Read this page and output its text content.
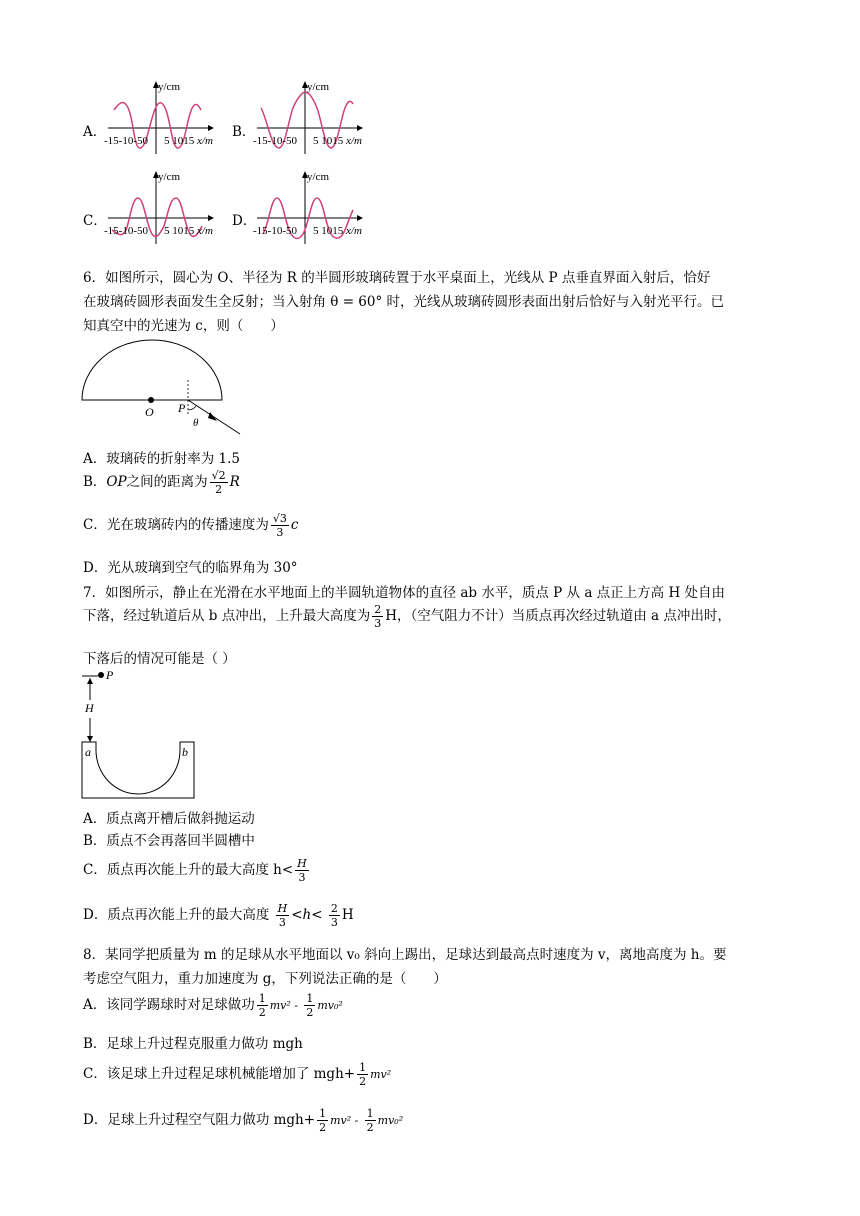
A．	B．
C．	D．
y/cm
-15-10-50 5 1015 x/m
y/cm
-15-10-50 5 1015 x/m
y/cm
-15-10-50 5 1015 x/m
y/cm
-15-10-50 5 1015 x/m
6．如图所示，圆心为 O、半径为 R 的半圆形玻璃砖置于水平桌面上，光线从 P 点垂直界面入射后，恰好
在玻璃砖圆形表面发生全反射；当入射角 θ = 60° 时，光线从玻璃砖圆形表面出射后恰好与入射光平行。已
知真空中的光速为 c，则（　　）
O P
θ
A．玻璃砖的折射率为 1.5
B．OP之间的距离为 $\frac{√2}{2}$ R
C．光在玻璃砖内的传播速度为 $\frac{√3}{3}$ c
D．光从玻璃到空气的临界角为 30°
7．如图所示，静止在光滑在水平地面上的半圆轨道物体的直径 ab 水平，质点 P 从 a 点正上方高 H 处自由
下落，经过轨道后从 b 点冲出，上升最大高度为 $\frac{2}{3}$ H，（空气阻力不计）当质点再次经过轨道由 a 点冲出时，
下落后的情况可能是（ ）
P
H
a	b
A．质点离开槽后做斜抛运动
B．质点不会再落回半圆槽中
C．质点再次能上升的最大高度 $h< \frac{H}{3}$
D．质点再次能上升的最大高度 $\frac{H}{3} <h< \frac{2}{3}$ H
8．某同学把质量为 m 的足球从水平地面以 v₀ 斜向上踢出，足球达到最高点时速度为 v，离地高度为 h。要
考虑空气阻力，重力加速度为 g，下列说法正确的是（　　）
A．该同学踢球时对足球做功 $\frac{1}{2} mv^2 - \frac{1}{2} mv_0^2$
B．足球上升过程克服重力做功 mgh
C．该足球上升过程足球机械能增加了 $mgh+ \frac{1}{2} mv^2$
D．足球上升过程空气阻力做功 $mgh+ \frac{1}{2} mv^2 - \frac{1}{2} mv_0^2$
